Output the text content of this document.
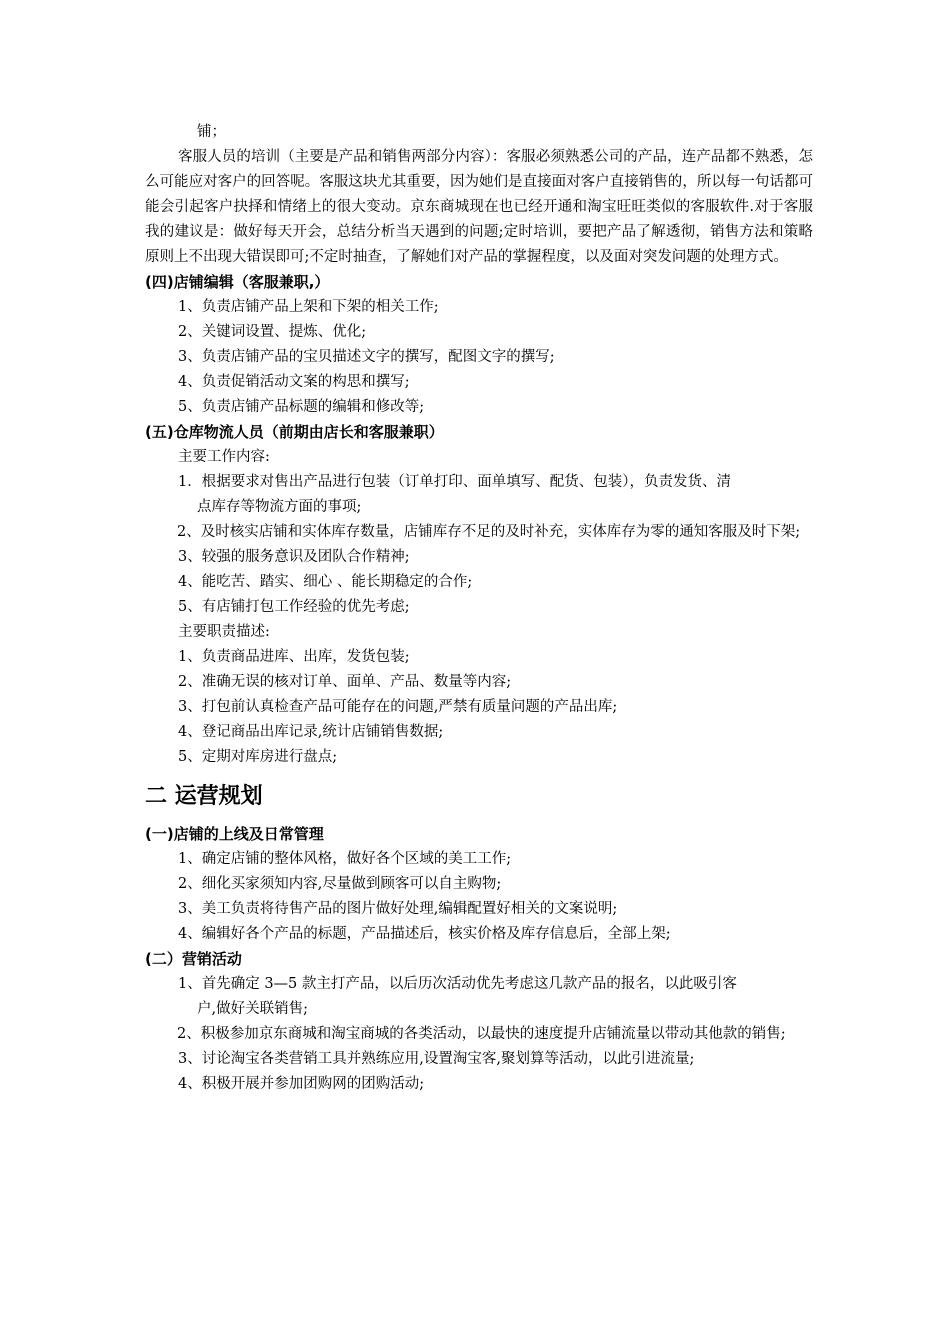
铺；

客服人员的培训（主要是产品和销售两部分内容）：客服必须熟悉公司的产品，连产品都不熟悉，怎么可能应对客户的回答呢。客服这块尤其重要，因为她们是直接面对客户直接销售的，所以每一句话都可能会引起客户抉择和情绪上的很大变动。京东商城现在也已经开通和淘宝旺旺类似的客服软件.对于客服我的建议是：做好每天开会，总结分析当天遇到的问题;定时培训，要把产品了解透彻，销售方法和策略原则上不出现大错误即可;不定时抽查，了解她们对产品的掌握程度，以及面对突发问题的处理方式。

(四)店铺编辑（客服兼职,）

1、负责店铺产品上架和下架的相关工作;

2、关键词设置、提炼、优化;

3、负责店铺产品的宝贝描述文字的撰写，配图文字的撰写;

4、负责促销活动文案的构思和撰写;

5、负责店铺产品标题的编辑和修改等;

(五)仓库物流人员（前期由店长和客服兼职）

主要工作内容:

1．根据要求对售出产品进行包装（订单打印、面单填写、配货、包装），负责发货、清

点库存等物流方面的事项;

2、及时核实店铺和实体库存数量，店铺库存不足的及时补充，实体库存为零的通知客服及时下架;

3、较强的服务意识及团队合作精神;

4、能吃苦、踏实、细心 、能长期稳定的合作;

5、有店铺打包工作经验的优先考虑;

主要职责描述:

1、负责商品进库、出库，发货包装;

2、准确无误的核对订单、面单、产品、数量等内容;

3、打包前认真检查产品可能存在的问题,严禁有质量问题的产品出库;

4、登记商品出库记录,统计店铺销售数据;

5、定期对库房进行盘点;

二 运营规划
(一)店铺的上线及日常管理

1、确定店铺的整体风格，做好各个区域的美工工作;

2、细化买家须知内容,尽量做到顾客可以自主购物;

3、美工负责将待售产品的图片做好处理,编辑配置好相关的文案说明;

4、编辑好各个产品的标题，产品描述后，核实价格及库存信息后，全部上架;

(二）营销活动

1、首先确定 3—5 款主打产品，以后历次活动优先考虑这几款产品的报名，以此吸引客

户,做好关联销售;

2、积极参加京东商城和淘宝商城的各类活动，以最快的速度提升店铺流量以带动其他款的销售;

3、讨论淘宝各类营销工具并熟练应用,设置淘宝客,聚划算等活动，以此引进流量;

4、积极开展并参加团购网的团购活动;
